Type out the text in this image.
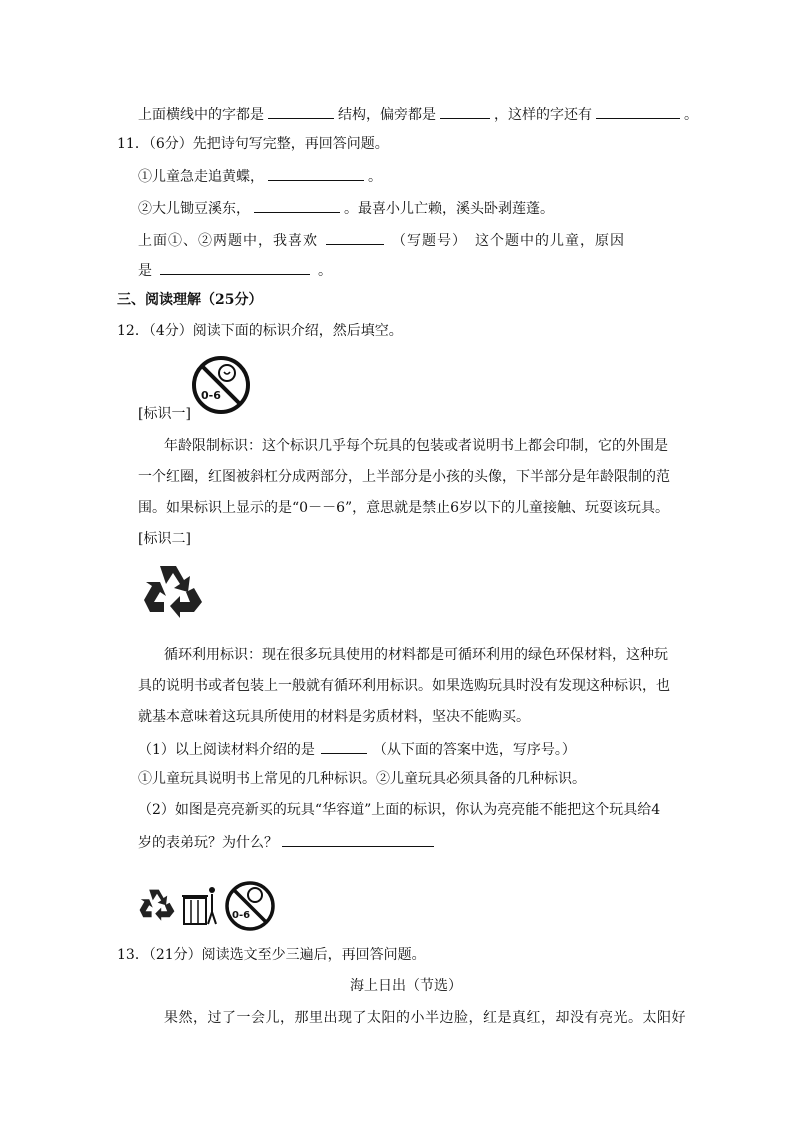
上面横线中的字都是	结构，偏旁都是	，这样的字还有	。
11．（6分）先把诗句写完整，再回答问题。
①儿童急走追黄蝶，	。
②大儿锄豆溪东，	。最喜小儿亡赖，溪头卧剥莲蓬。
上面①、②两题中，我喜欢	（写题号）　这个题中的儿童，原因
是	。
三、阅读理解（25分）
12．（4分）阅读下面的标识介绍，然后填空。
0-6
[标识一]
年龄限制标识：这个标识几乎每个玩具的包装或者说明书上都会印制，它的外围是
一个红圈，红图被斜杠分成两部分，上半部分是小孩的头像，下半部分是年龄限制的范
围。如果标识上显示的是“0－－6”，意思就是禁止6岁以下的儿童接触、玩耍该玩具。
[标识二]
循环利用标识：现在很多玩具使用的材料都是可循环利用的绿色环保材料，这种玩
具的说明书或者包装上一般就有循环利用标识。如果选购玩具时没有发现这种标识，也
就基本意味着这玩具所使用的材料是劣质材料，坚决不能购买。
（1）以上阅读材料介绍的是	（从下面的答案中选，写序号。）
①儿童玩具说明书上常见的几种标识。②儿童玩具必须具备的几种标识。
（2）如图是亮亮新买的玩具“华容道”上面的标识，你认为亮亮能不能把这个玩具给4
岁的表弟玩？为什么？
0-6
13．（21分）阅读选文至少三遍后，再回答问题。
海上日出（节选）
果然，过了一会儿，那里出现了太阳的小半边脸，红是真红，却没有亮光。太阳好
